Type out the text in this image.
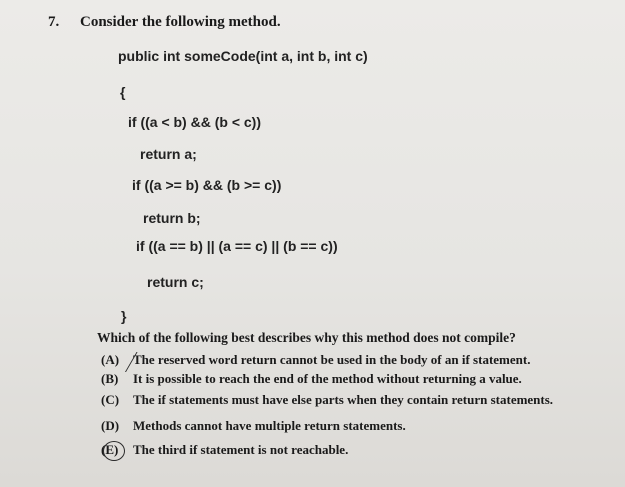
7. Consider the following method.
public int someCode(int a, int b, int c)
{
if ((a < b) && (b < c))
return a;
if ((a >= b) && (b >= c))
return b;
if ((a == b) || (a == c) || (b == c))
return c;
}
Which of the following best describes why this method does not compile?
(A) The reserved word return cannot be used in the body of an if statement.
(B) It is possible to reach the end of the method without returning a value.
(C) The if statements must have else parts when they contain return statements.
(D) Methods cannot have multiple return statements.
(E) The third if statement is not reachable.
